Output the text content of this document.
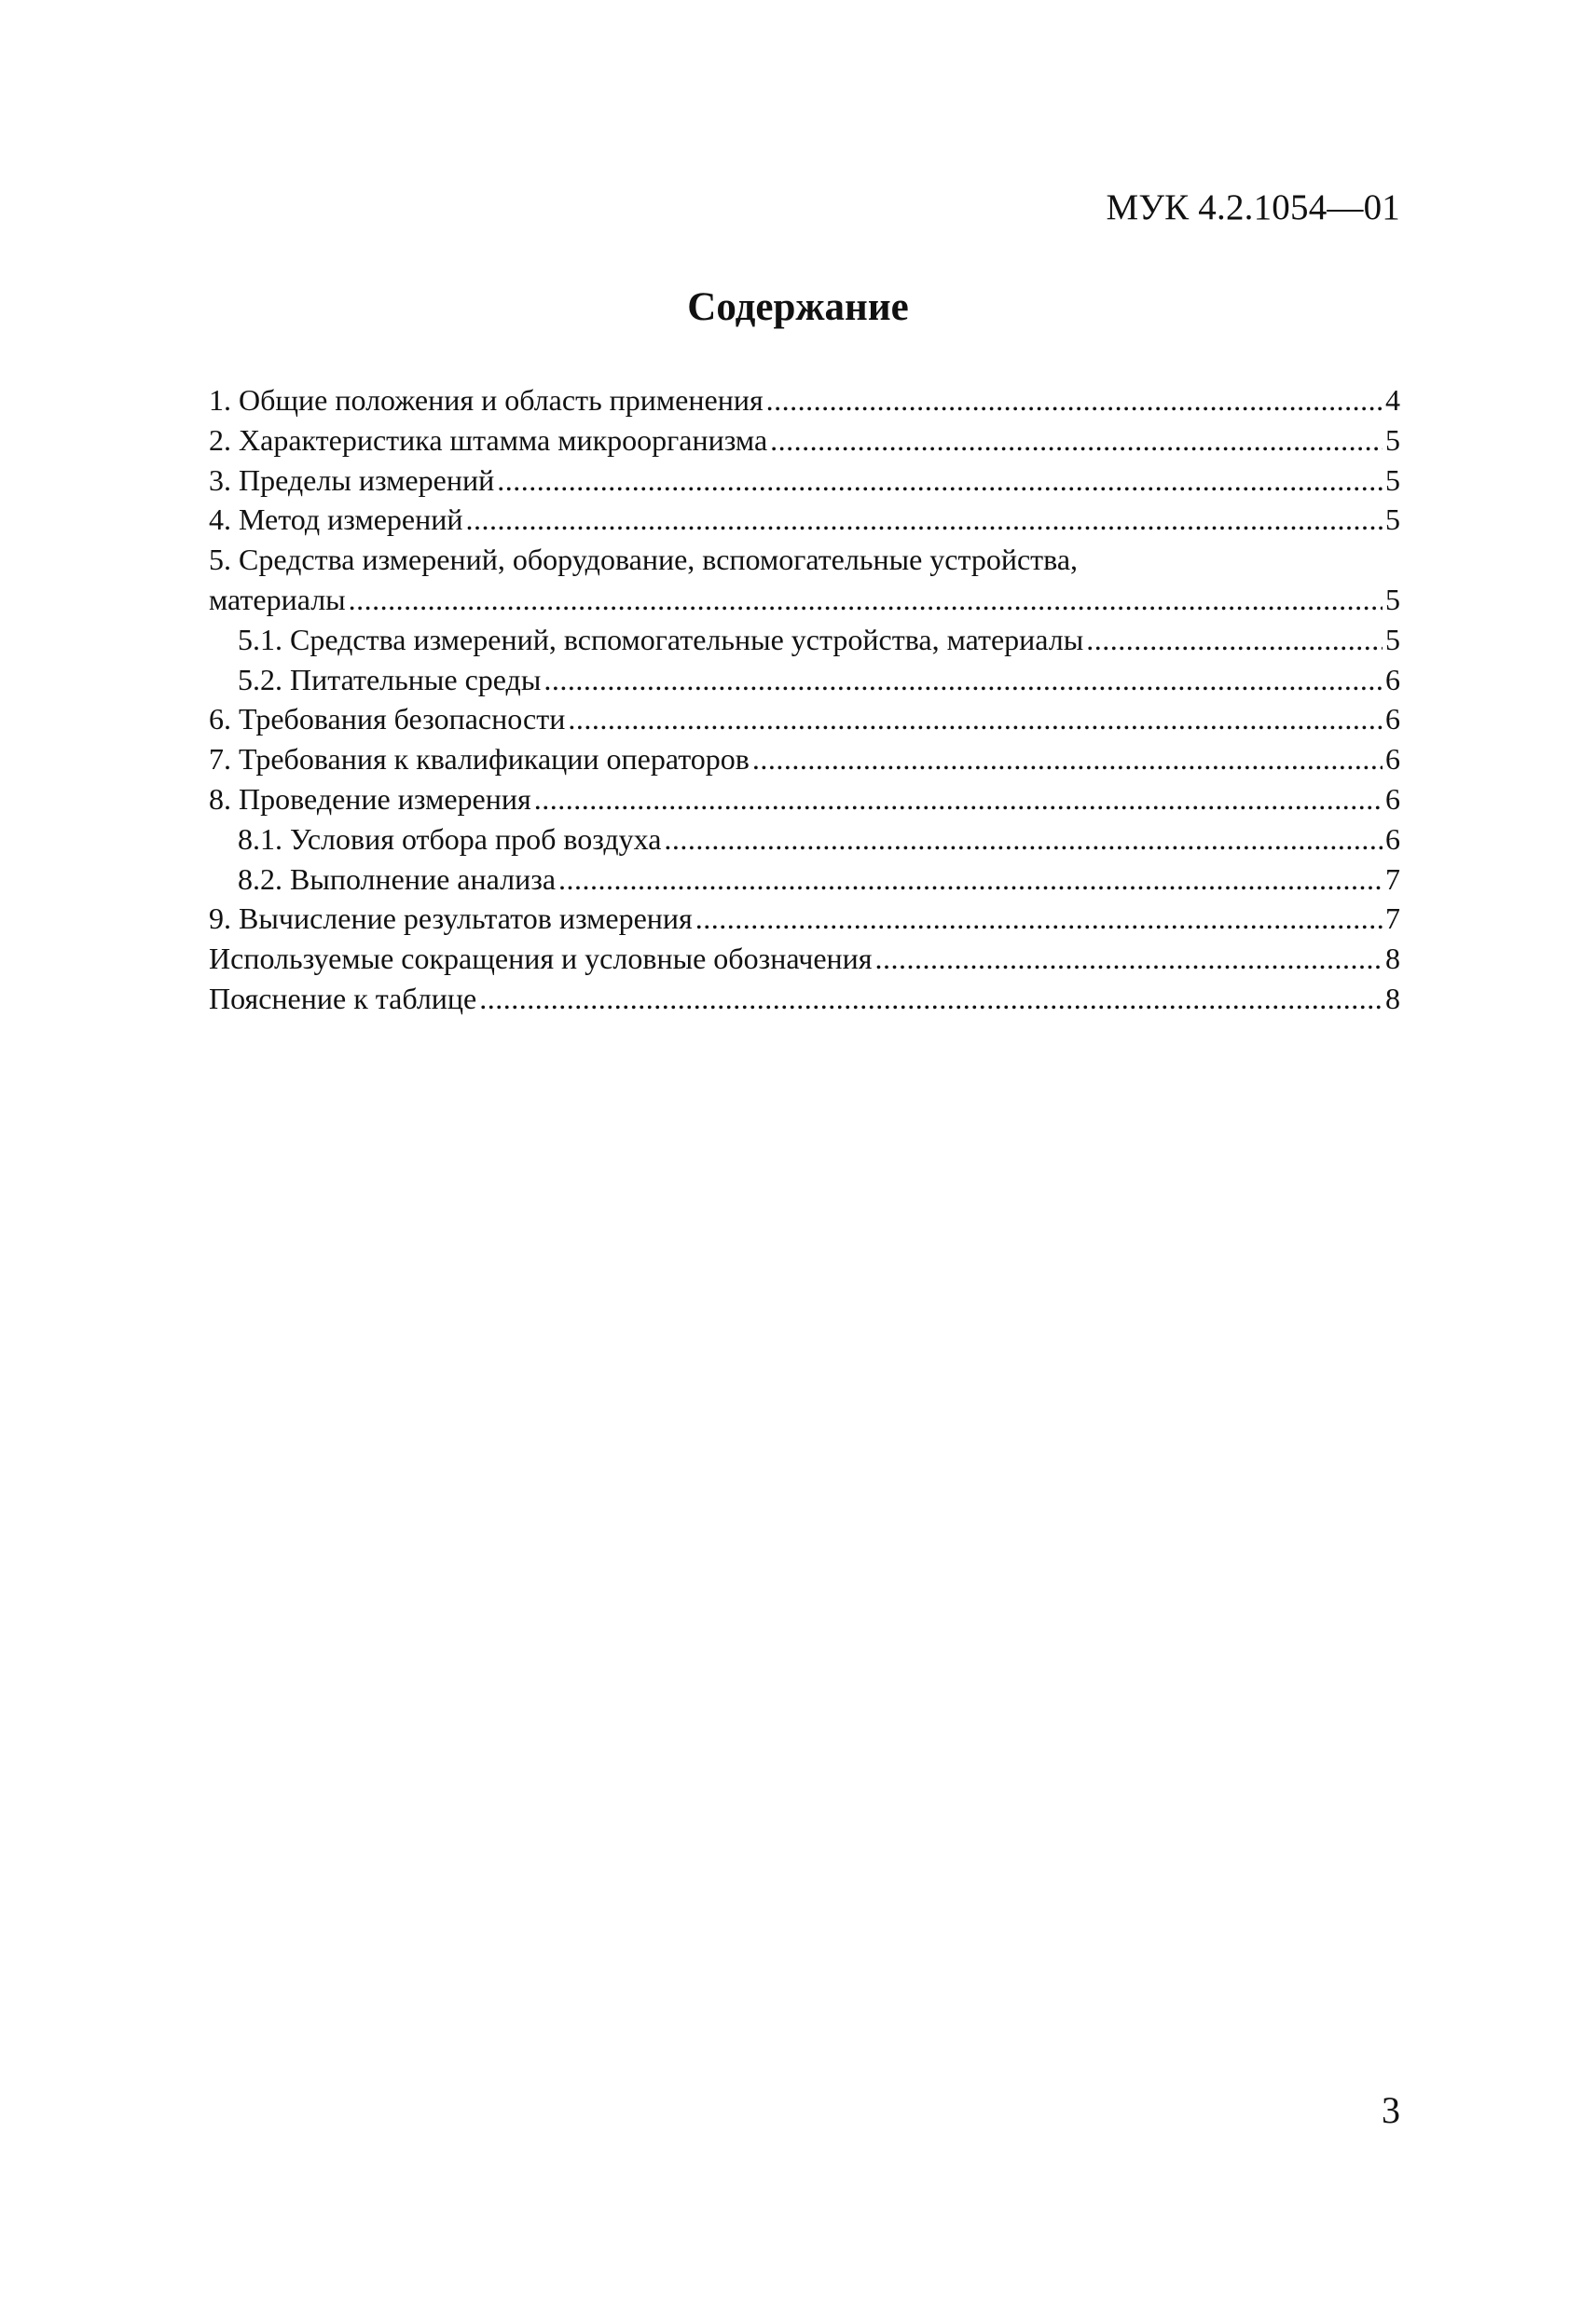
МУК 4.2.1054—01
Содержание
1. Общие положения и область применения .....	4
2. Характеристика штамма микроорганизма .....	5
3. Пределы измерений .....	5
4. Метод измерений .....	5
5. Средства измерений, оборудование, вспомогательные устройства,
материалы .....	5
5.1. Средства измерений, вспомогательные устройства, материалы .....	5
5.2. Питательные среды .....	6
6. Требования безопасности .....	6
7. Требования к квалификации операторов .....	6
8. Проведение измерения .....	6
8.1. Условия отбора проб воздуха .....	6
8.2. Выполнение анализа .....	7
9. Вычисление результатов измерения .....	7
Используемые сокращения и условные обозначения .....	8
Пояснение к таблице .....	8
3
